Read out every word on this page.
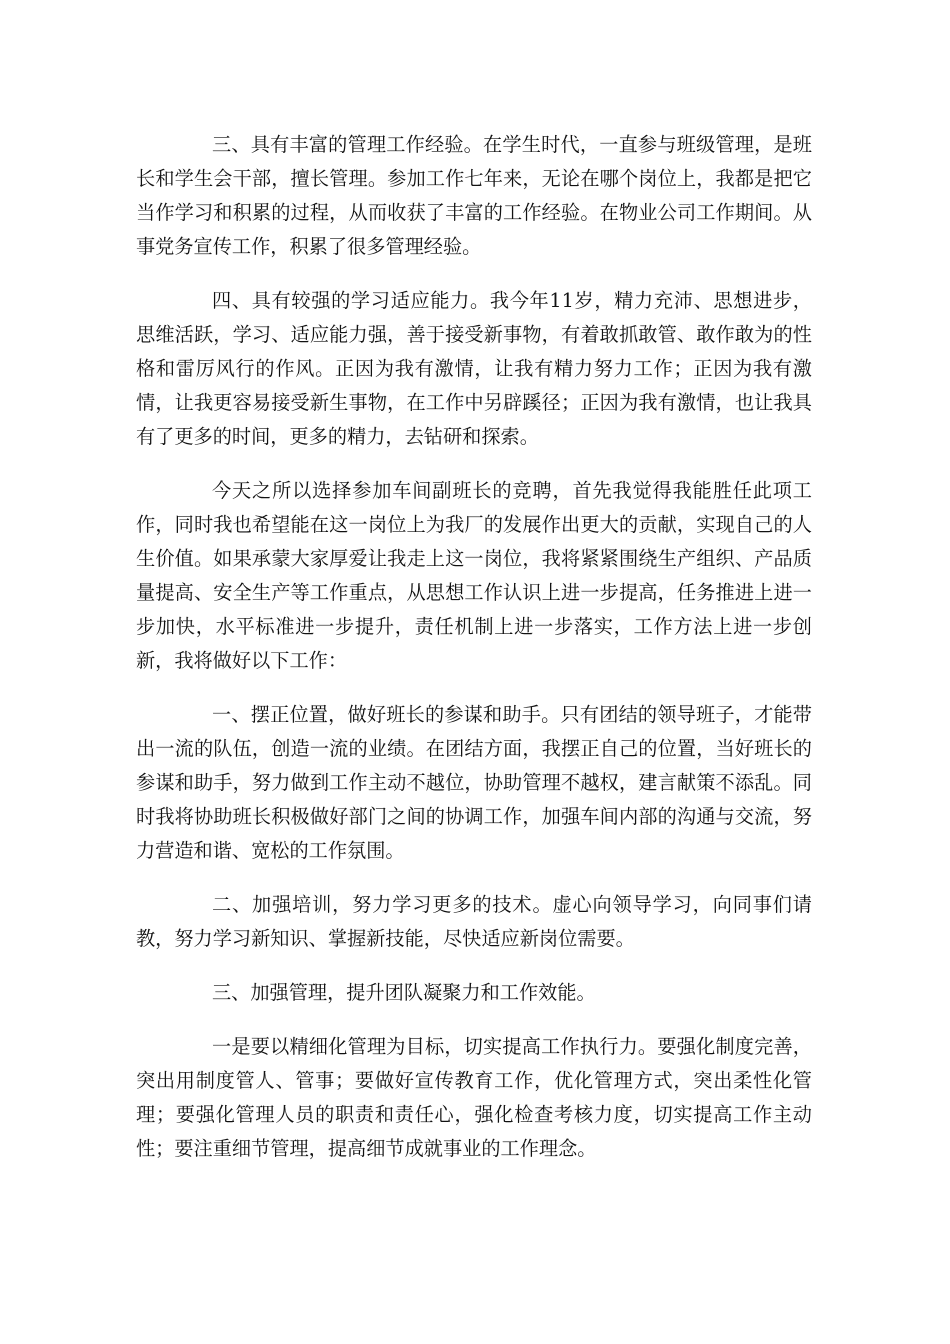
三、具有丰富的管理工作经验。在学生时代，一直参与班级管理，是班长和学生会干部，擅长管理。参加工作七年来，无论在哪个岗位上，我都是把它当作学习和积累的过程，从而收获了丰富的工作经验。在物业公司工作期间。从事党务宣传工作，积累了很多管理经验。

四、具有较强的学习适应能力。我今年11岁，精力充沛、思想进步，思维活跃，学习、适应能力强，善于接受新事物，有着敢抓敢管、敢作敢为的性格和雷厉风行的作风。正因为我有激情，让我有精力努力工作；正因为我有激情，让我更容易接受新生事物，在工作中另辟蹊径；正因为我有激情，也让我具有了更多的时间，更多的精力，去钻研和探索。

今天之所以选择参加车间副班长的竞聘，首先我觉得我能胜任此项工作，同时我也希望能在这一岗位上为我厂的发展作出更大的贡献，实现自己的人生价值。如果承蒙大家厚爱让我走上这一岗位，我将紧紧围绕生产组织、产品质量提高、安全生产等工作重点，从思想工作认识上进一步提高，任务推进上进一步加快，水平标准进一步提升，责任机制上进一步落实，工作方法上进一步创新，我将做好以下工作：

一、摆正位置，做好班长的参谋和助手。只有团结的领导班子，才能带出一流的队伍，创造一流的业绩。在团结方面，我摆正自己的位置，当好班长的参谋和助手，努力做到工作主动不越位，协助管理不越权，建言献策不添乱。同时我将协助班长积极做好部门之间的协调工作，加强车间内部的沟通与交流，努力营造和谐、宽松的工作氛围。

二、加强培训，努力学习更多的技术。虚心向领导学习，向同事们请教，努力学习新知识、掌握新技能，尽快适应新岗位需要。

三、加强管理，提升团队凝聚力和工作效能。

一是要以精细化管理为目标，切实提高工作执行力。要强化制度完善，突出用制度管人、管事；要做好宣传教育工作，优化管理方式，突出柔性化管理；要强化管理人员的职责和责任心，强化检查考核力度，切实提高工作主动性；要注重细节管理，提高细节成就事业的工作理念。
